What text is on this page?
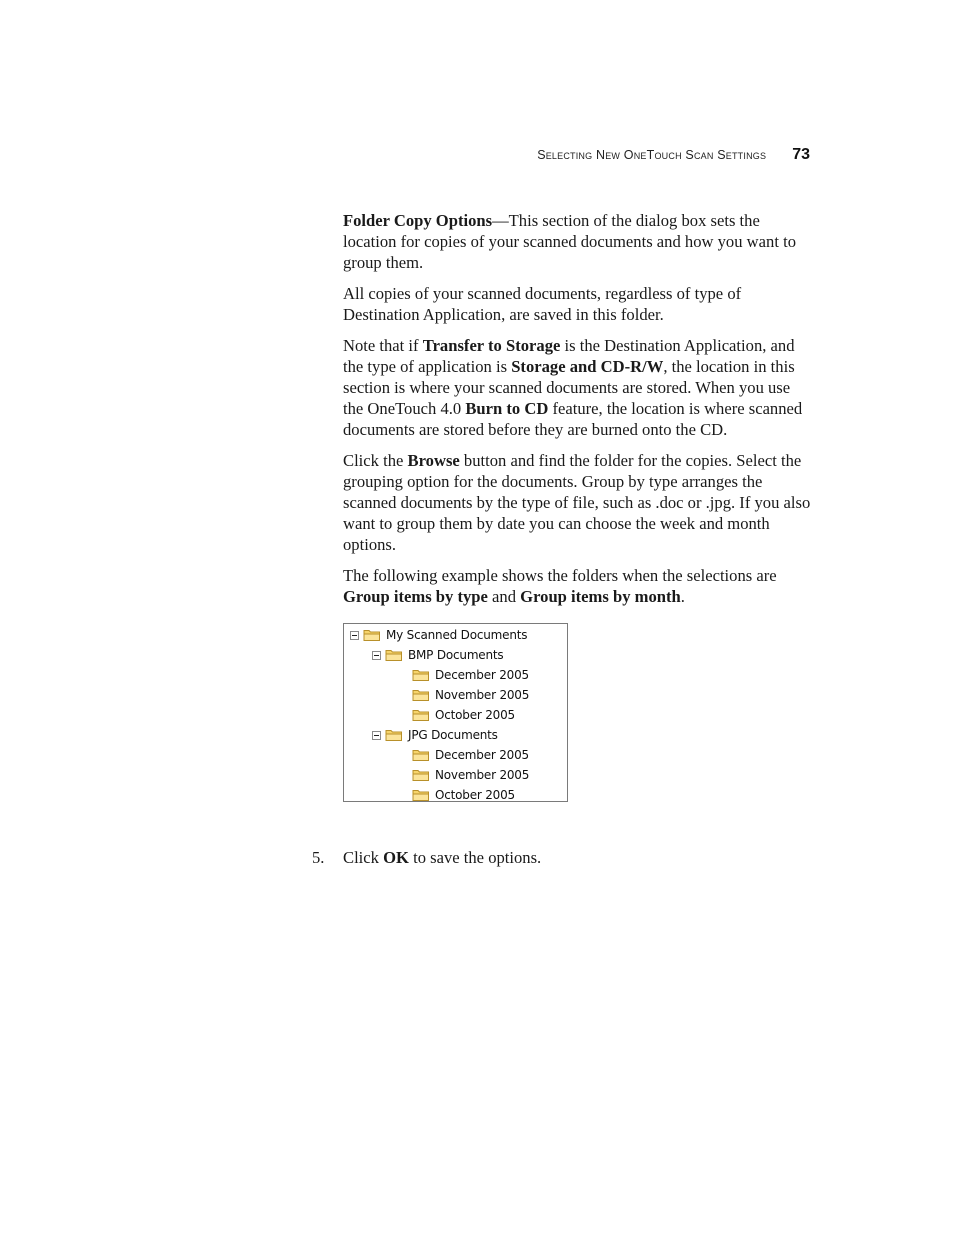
Selecting New OneTouch Scan Settings 73

Folder Copy Options—This section of the dialog box sets the location for copies of your scanned documents and how you want to group them.

All copies of your scanned documents, regardless of type of Destination Application, are saved in this folder.

Note that if Transfer to Storage is the Destination Application, and the type of application is Storage and CD-R/W, the location in this section is where your scanned documents are stored. When you use the OneTouch 4.0 Burn to CD feature, the location is where scanned documents are stored before they are burned onto the CD.

Click the Browse button and find the folder for the copies. Select the grouping option for the documents. Group by type arranges the scanned documents by the type of file, such as .doc or .jpg. If you also want to group them by date you can choose the week and month options.

The following example shows the folders when the selections are Group items by type and Group items by month.

My Scanned Documents
BMP Documents
December 2005
November 2005
October 2005
JPG Documents
December 2005
November 2005
October 2005
5.	Click OK to save the options.
